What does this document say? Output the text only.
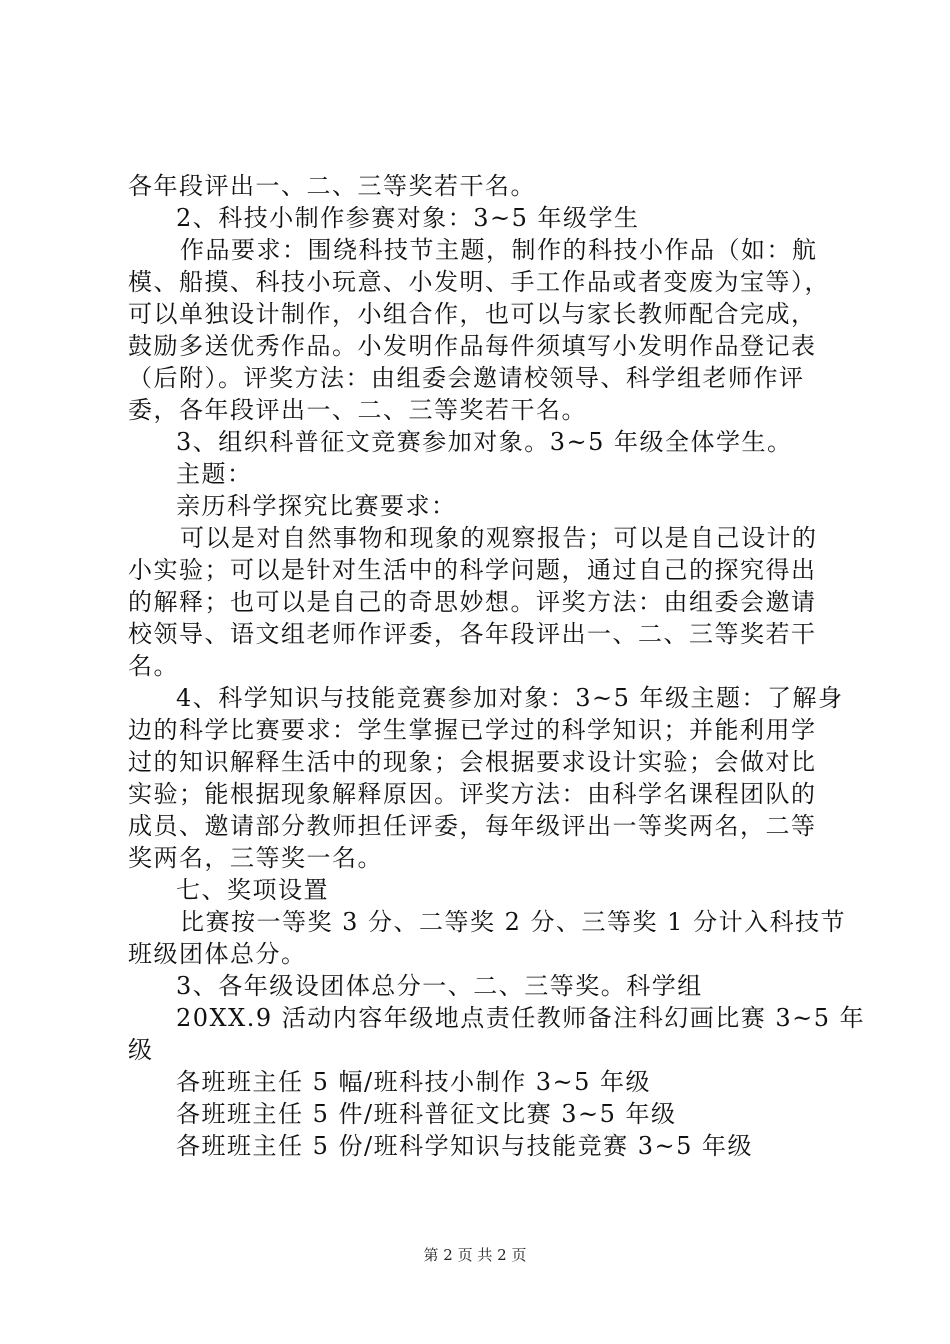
各年段评出一、二、三等奖若干名。
2、科技小制作参赛对象：3~5 年级学生
作品要求：围绕科技节主题，制作的科技小作品（如：航
模、船摸、科技小玩意、小发明、手工作品或者变废为宝等），
可以单独设计制作，小组合作，也可以与家长教师配合完成，
鼓励多送优秀作品。小发明作品每件须填写小发明作品登记表
（后附）。评奖方法：由组委会邀请校领导、科学组老师作评
委，各年段评出一、二、三等奖若干名。
3、组织科普征文竞赛参加对象。3~5 年级全体学生。
主题：
亲历科学探究比赛要求：
可以是对自然事物和现象的观察报告；可以是自己设计的
小实验；可以是针对生活中的科学问题，通过自己的探究得出
的解释；也可以是自己的奇思妙想。评奖方法：由组委会邀请
校领导、语文组老师作评委，各年段评出一、二、三等奖若干
名。
4、科学知识与技能竞赛参加对象：3~5 年级主题：了解身
边的科学比赛要求：学生掌握已学过的科学知识；并能利用学
过的知识解释生活中的现象；会根据要求设计实验；会做对比
实验；能根据现象解释原因。评奖方法：由科学名课程团队的
成员、邀请部分教师担任评委，每年级评出一等奖两名，二等
奖两名，三等奖一名。
七、奖项设置
比赛按一等奖 3 分、二等奖 2 分、三等奖 1 分计入科技节
班级团体总分。
3、各年级设团体总分一、二、三等奖。科学组
20XX.9 活动内容年级地点责任教师备注科幻画比赛 3~5 年
级
各班班主任 5 幅/班科技小制作 3~5 年级
各班班主任 5 件/班科普征文比赛 3~5 年级
各班班主任 5 份/班科学知识与技能竞赛 3~5 年级
第 2 页 共 2 页
